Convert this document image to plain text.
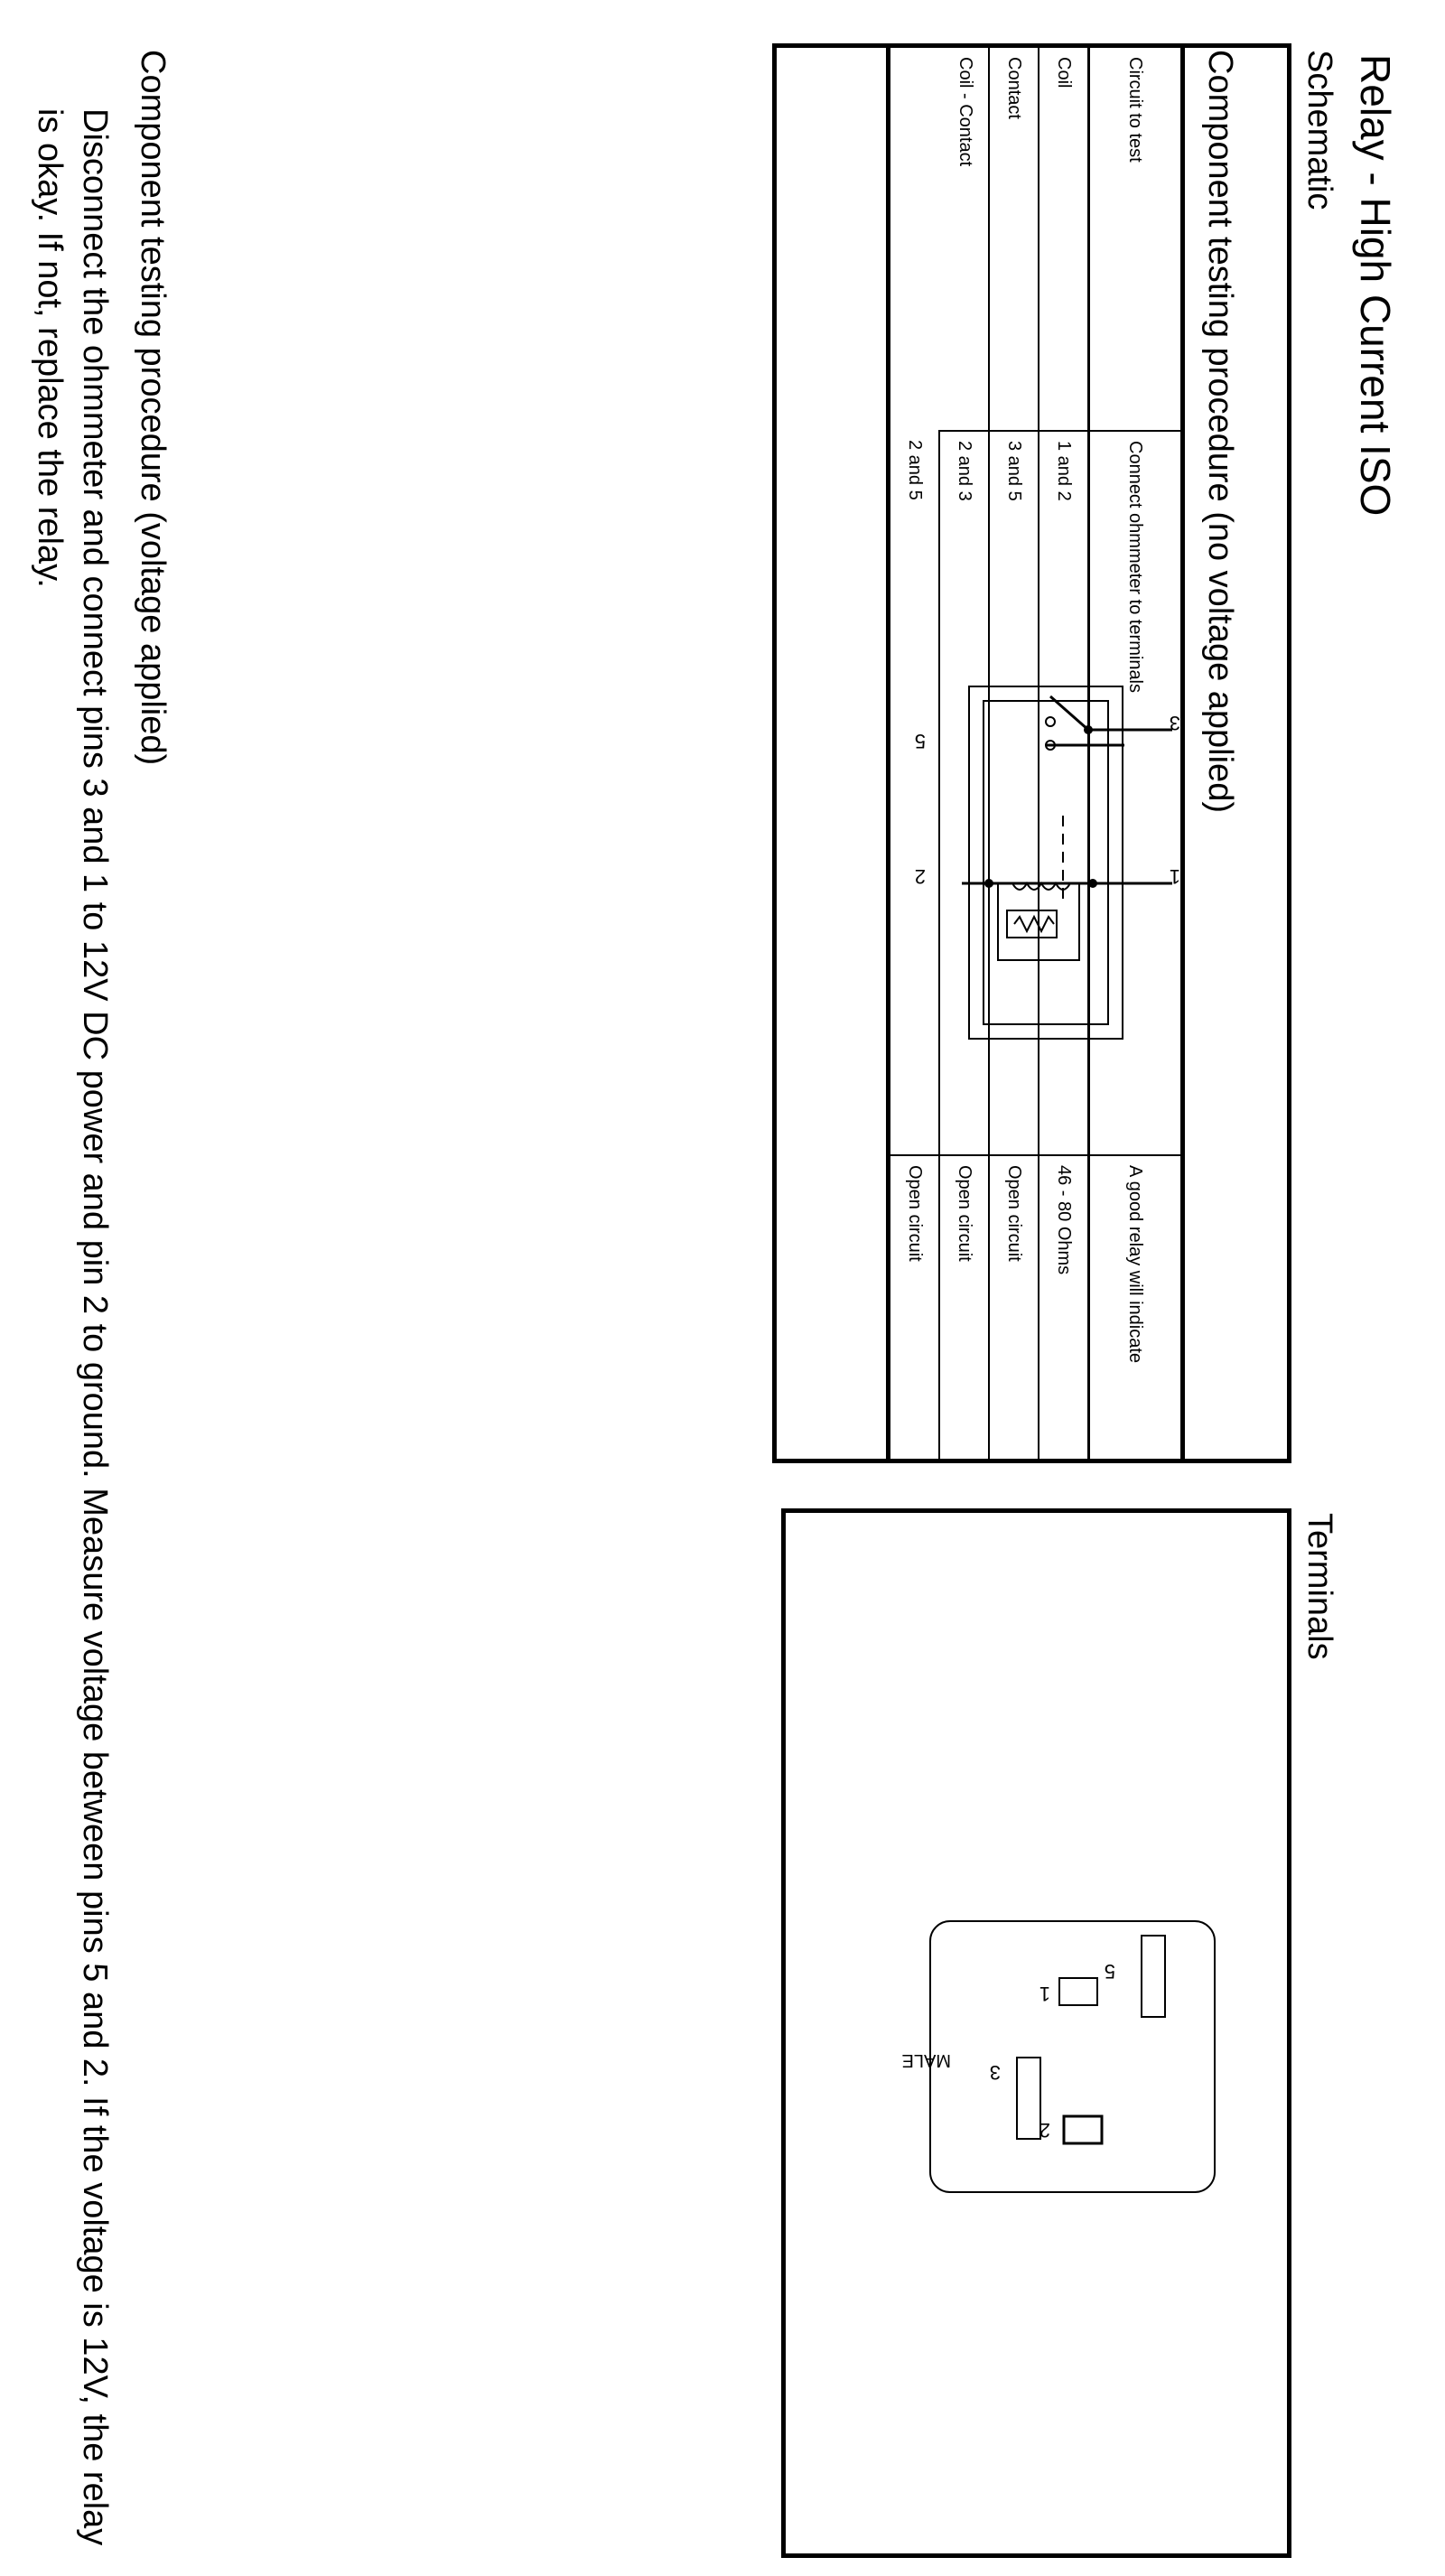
Relay - High Current ISO
Schematic
3
1
5
2
Terminals
5
1
3
2
MALE
Component testing procedure (no voltage applied)
Circuit to test	Connect ohmmeter to terminals	A good relay will indicate
Coil	1 and 2	46 - 80 Ohms
Contact	3 and 5	Open circuit
Coil - Contact	2 and 3	Open circuit
	2 and 5	Open circuit
Component testing procedure (voltage applied)

Disconnect the ohmmeter and connect pins 3 and 1 to 12V DC power and pin 2 to ground. Measure voltage between pins 5 and 2. If the voltage is 12V, the relay is okay. If not, replace the relay.
